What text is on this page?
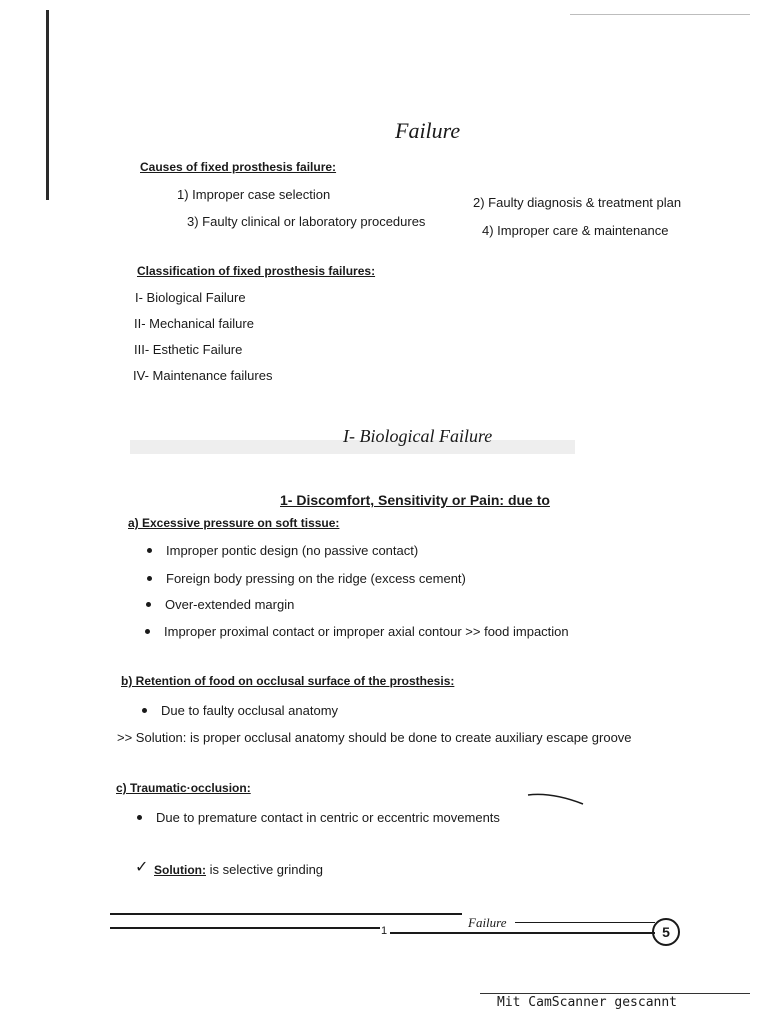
Failure
Causes of fixed prosthesis failure:
1) Improper case selection
2) Faulty diagnosis & treatment plan
3) Faulty clinical or laboratory procedures
4) Improper care & maintenance
Classification of fixed prosthesis failures:
I- Biological Failure
II- Mechanical failure
III- Esthetic Failure
IV- Maintenance failures
I- Biological Failure
1- Discomfort, Sensitivity or Pain: due to
a) Excessive pressure on soft tissue:
Improper pontic design (no passive contact)
Foreign body pressing on the ridge (excess cement)
Over-extended margin
Improper proximal contact or improper axial contour >> food impaction
b) Retention of food on occlusal surface of the prosthesis:
Due to faulty occlusal anatomy
>> Solution: is proper occlusal anatomy should be done to create auxiliary escape groove
c) Traumatic·occlusion:
Due to premature contact in centric or eccentric movements
✓ Solution: is selective grinding
Failure
1	5
Mit CamScanner gescannt
